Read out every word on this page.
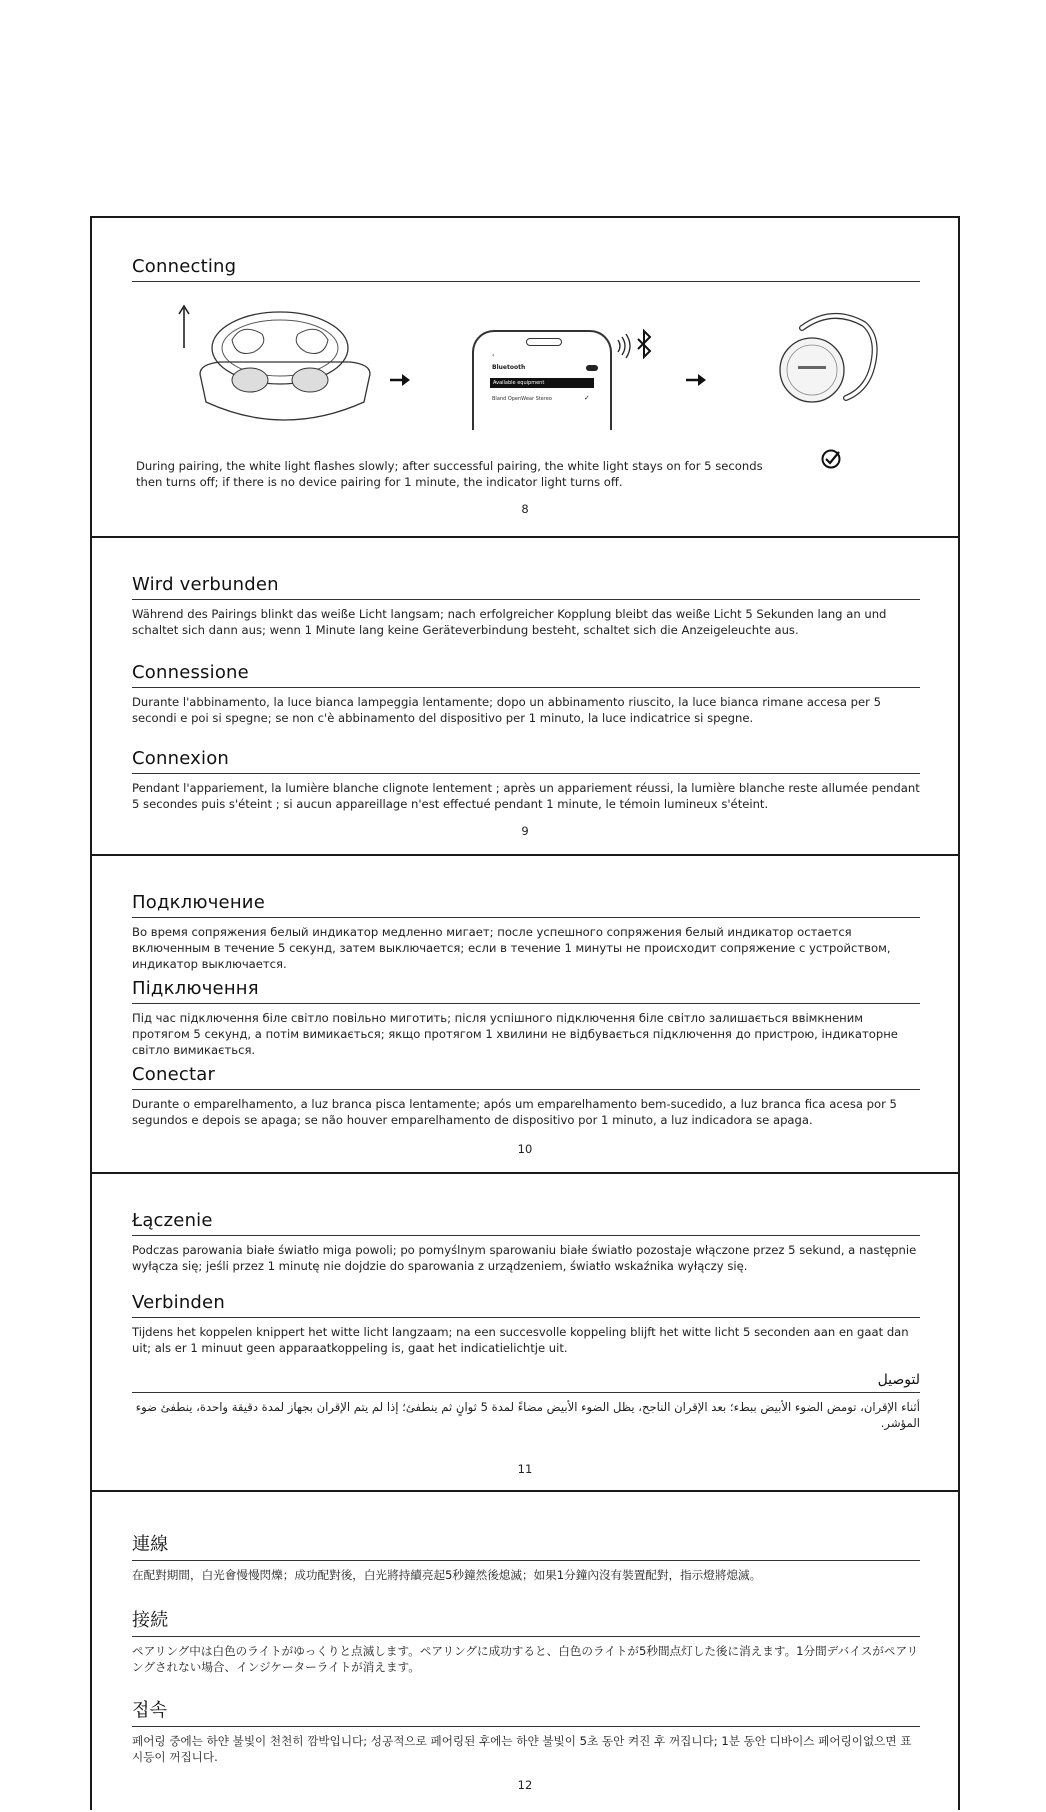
Connecting
‹
Bluetooth
Available equipment
Bland OpenWear Stereo	✓

During pairing, the white light flashes slowly; after successful pairing, the white light stays on for 5 seconds then turns off; if there is no device pairing for 1 minute, the indicator light turns off.

8
Wird verbunden

Während des Pairings blinkt das weiße Licht langsam; nach erfolgreicher Kopplung bleibt das weiße Licht 5 Sekunden lang an und schaltet sich dann aus; wenn 1 Minute lang keine Geräteverbindung besteht, schaltet sich die Anzeigeleuchte aus.

Connessione

Durante l'abbinamento, la luce bianca lampeggia lentamente; dopo un abbinamento riuscito, la luce bianca rimane accesa per 5 secondi e poi si spegne; se non c'è abbinamento del dispositivo per 1 minuto, la luce indicatrice si spegne.

Connexion

Pendant l'appariement, la lumière blanche clignote lentement ; après un appariement réussi, la lumière blanche reste allumée pendant 5 secondes puis s'éteint ; si aucun appareillage n'est effectué pendant 1 minute, le témoin lumineux s'éteint.

9
Подключение

Во время сопряжения белый индикатор медленно мигает; после успешного сопряжения белый индикатор остается включенным в течение 5 секунд, затем выключается; если в течение 1 минуты не происходит сопряжение с устройством, индикатор выключается.

Підключення

Під час підключення біле світло повільно миготить; після успішного підключення біле світло залишається ввімкненим протягом 5 секунд, а потім вимикається; якщо протягом 1 хвилини не відбувається підключення до пристрою, індикаторне світло вимикається.

Conectar

Durante o emparelhamento, a luz branca pisca lentamente; após um emparelhamento bem-sucedido, a luz branca fica acesa por 5 segundos e depois se apaga; se não houver emparelhamento de dispositivo por 1 minuto, a luz indicadora se apaga.

10
Łączenie

Podczas parowania białe światło miga powoli; po pomyślnym sparowaniu białe światło pozostaje włączone przez 5 sekund, a następnie wyłącza się; jeśli przez 1 minutę nie dojdzie do sparowania z urządzeniem, światło wskaźnika wyłączy się.

Verbinden

Tijdens het koppelen knippert het witte licht langzaam; na een succesvolle koppeling blijft het witte licht 5 seconden aan en gaat dan uit; als er 1 minuut geen apparaatkoppeling is, gaat het indicatielichtje uit.

لتوصيل

أثناء الإقران، تومض الضوء الأبيض ببطء؛ بعد الإقران الناجح، يظل الضوء الأبيض مضاءً لمدة 5 ثوانٍ ثم ينطفئ؛ إذا لم يتم الإقران بجهاز لمدة دقيقة واحدة، ينطفئ ضوء المؤشر.

11
連線

在配對期間，白光會慢慢閃爍；成功配對後，白光將持續亮起5秒鐘然後熄滅；如果1分鐘內沒有裝置配對，指示燈將熄滅。

接続

ペアリング中は白色のライトがゆっくりと点滅します。ペアリングに成功すると、白色のライトが5秒間点灯した後に消えます。1分間デバイスがペアリングされない場合、インジケーターライトが消えます。

접속

페어링 중에는 하얀 불빛이 천천히 깜박입니다; 성공적으로 페어링된 후에는 하얀 불빛이 5초 동안 켜진 후 꺼집니다; 1분 동안 디바이스 페어링이없으면 표시등이 꺼집니다.

12
